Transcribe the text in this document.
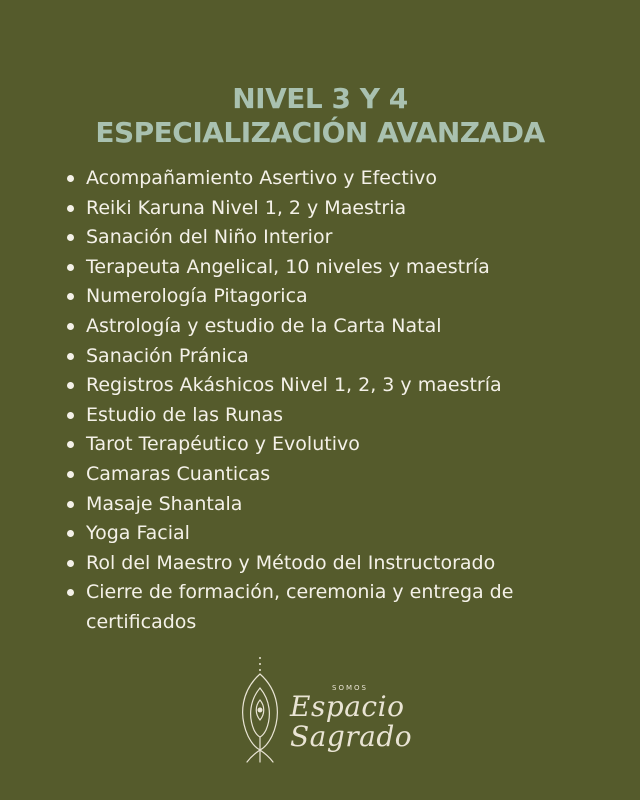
NIVEL 3 Y 4
ESPECIALIZACIÓN AVANZADA
Acompañamiento Asertivo y Efectivo
Reiki Karuna Nivel 1, 2 y Maestria
Sanación del Niño Interior
Terapeuta Angelical, 10 niveles y maestría
Numerología Pitagorica
Astrología y estudio de la Carta Natal
Sanación Pránica
Registros Akáshicos Nivel 1, 2, 3 y maestría
Estudio de las Runas
Tarot Terapéutico y Evolutivo
Camaras Cuanticas
Masaje Shantala
Yoga Facial
Rol del Maestro y Método del Instructorado
Cierre de formación, ceremonia y entrega de certificados
SOMOS
Espacio
Sagrado
